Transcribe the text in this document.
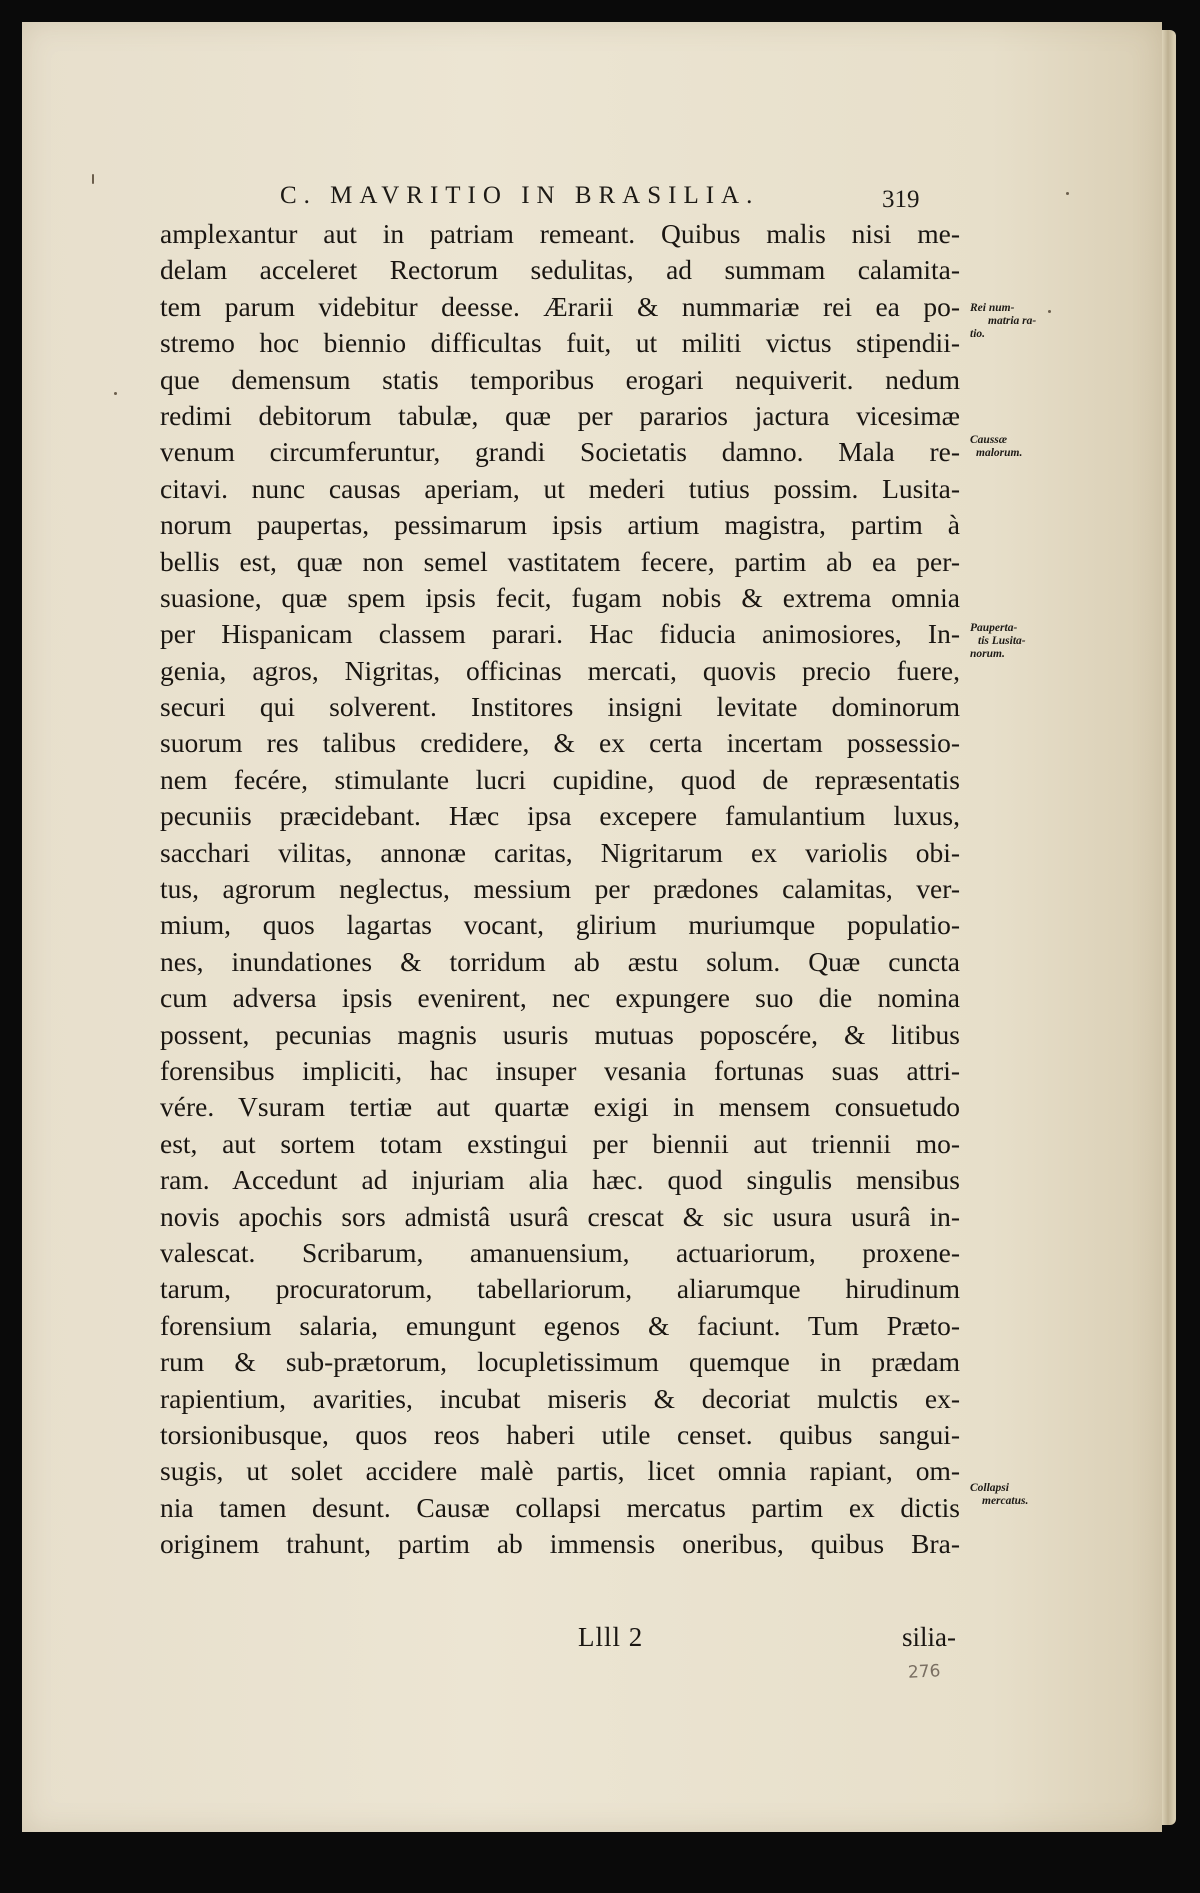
C. MAVRITIO IN BRASILIA.	319
amplexantur aut in patriam remeant. Quibus malis nisi me-
delam acceleret Rectorum sedulitas, ad summam calamita-
tem parum videbitur deesse. Ærarii & nummariæ rei ea po-
stremo hoc biennio difficultas fuit, ut militi victus stipendii-
que demensum statis temporibus erogari nequiverit. nedum
redimi debitorum tabulæ, quæ per pararios jactura vicesimæ
venum circumferuntur, grandi Societatis damno. Mala re-
citavi. nunc causas aperiam, ut mederi tutius possim. Lusita-
norum paupertas, pessimarum ipsis artium magistra, partim à
bellis est, quæ non semel vastitatem fecere, partim ab ea per-
suasione, quæ spem ipsis fecit, fugam nobis & extrema omnia
per Hispanicam classem parari. Hac fiducia animosiores, In-
genia, agros, Nigritas, officinas mercati, quovis precio fuere,
securi qui solverent. Institores insigni levitate dominorum
suorum res talibus credidere, & ex certa incertam possessio-
nem fecére, stimulante lucri cupidine, quod de repræsentatis
pecuniis præcidebant. Hæc ipsa excepere famulantium luxus,
sacchari vilitas, annonæ caritas, Nigritarum ex variolis obi-
tus, agrorum neglectus, messium per prædones calamitas, ver-
mium, quos lagartas vocant, glirium muriumque populatio-
nes, inundationes & torridum ab æstu solum. Quæ cuncta
cum adversa ipsis evenirent, nec expungere suo die nomina
possent, pecunias magnis usuris mutuas poposcére, & litibus
forensibus impliciti, hac insuper vesania fortunas suas attri-
vére. Vsuram tertiæ aut quartæ exigi in mensem consuetudo
est, aut sortem totam exstingui per biennii aut triennii mo-
ram. Accedunt ad injuriam alia hæc. quod singulis mensibus
novis apochis sors admistâ usurâ crescat & sic usura usurâ in-
valescat. Scribarum, amanuensium, actuariorum, proxene-
tarum, procuratorum, tabellariorum, aliarumque hirudinum
forensium salaria, emungunt egenos & faciunt. Tum Præto-
rum & sub-prætorum, locupletissimum quemque in prædam
rapientium, avarities, incubat miseris & decoriat mulctis ex-
torsionibusque, quos reos haberi utile censet. quibus sangui-
sugis, ut solet accidere malè partis, licet omnia rapiant, om-
nia tamen desunt. Causæ collapsi mercatus partim ex dictis
originem trahunt, partim ab immensis oneribus, quibus Bra-
Rei num-
matria ra-
tio.
Caussæ
malorum.
Pauperta-
tis Lusita-
norum.
Collapsi
mercatus.
Llll 2	silia-
276
